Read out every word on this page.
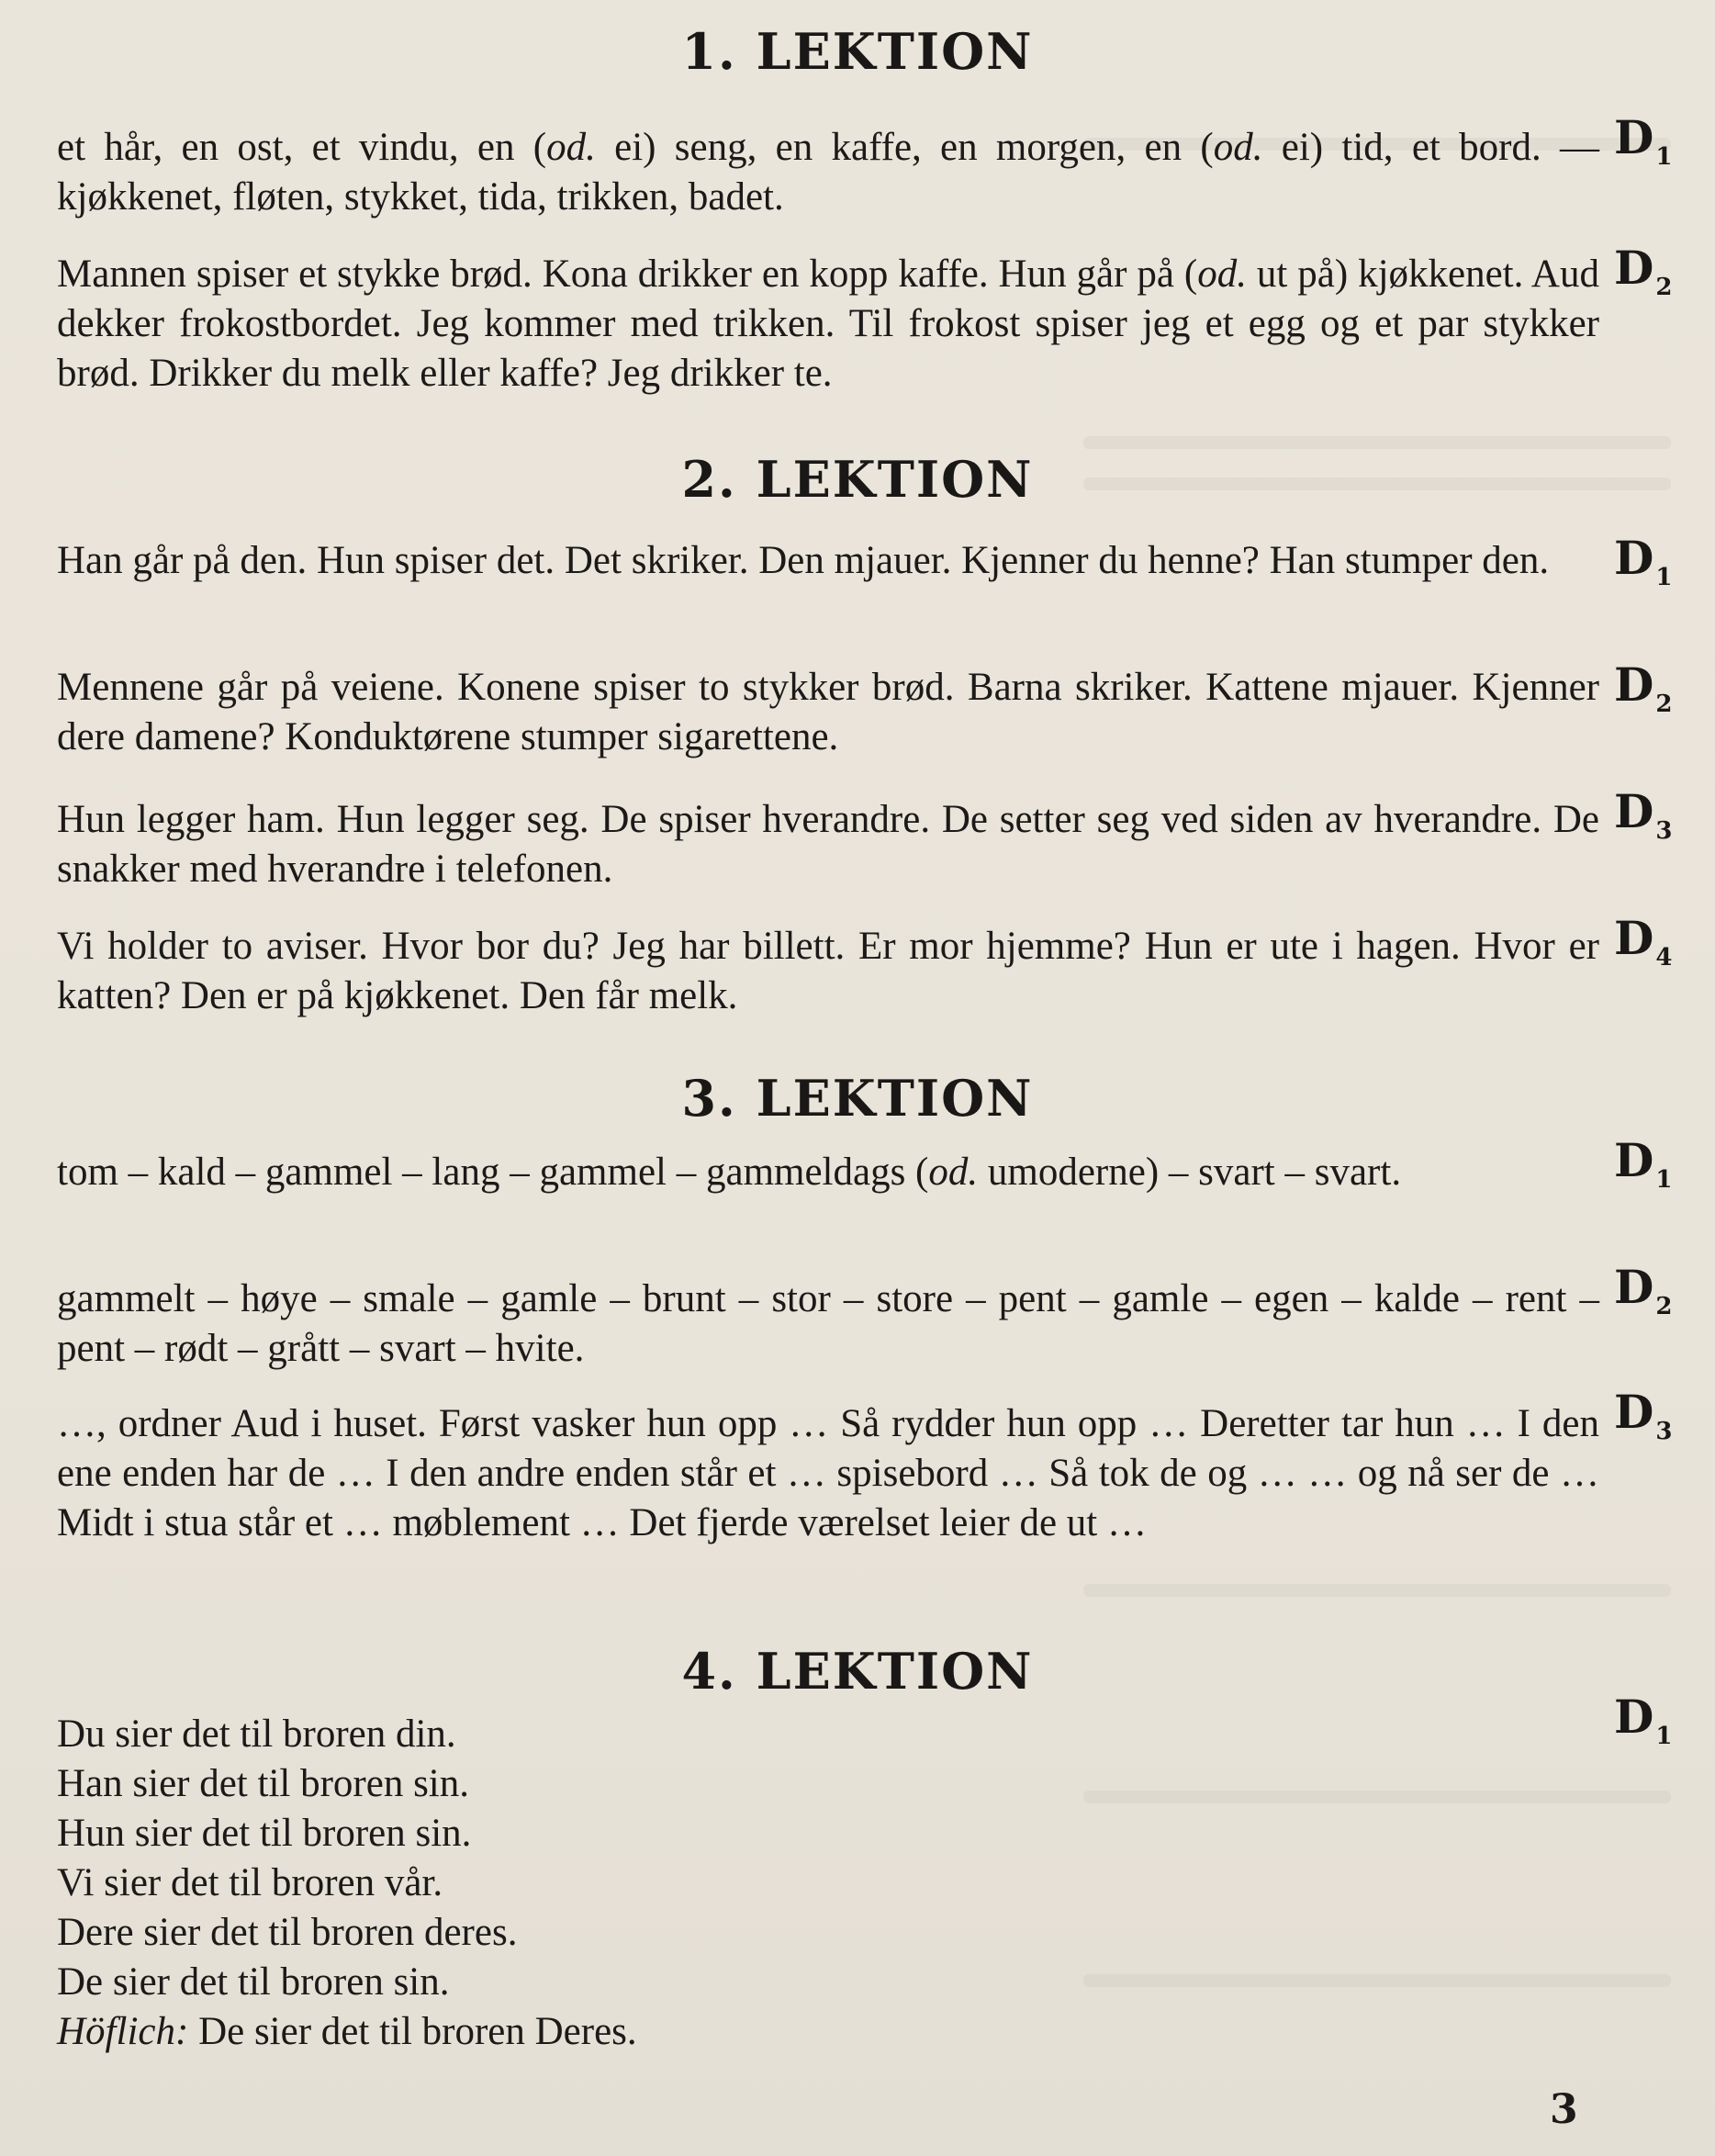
1. LEKTION
$D_1$

et hår, en ost, et vindu, en (od. ei) seng, en kaffe, en morgen, en (od. ei) tid, et bord. — kjøkkenet, fløten, stykket, tida, trikken, badet.

$D_2$

Mannen spiser et stykke brød. Kona drikker en kopp kaffe. Hun går på (od. ut på) kjøkkenet. Aud dekker frokostbordet. Jeg kommer med trikken. Til frokost spiser jeg et egg og et par stykker brød. Drikker du melk eller kaffe? Jeg drikker te.

2. LEKTION
$D_1$

Han går på den. Hun spiser det. Det skriker. Den mjauer. Kjenner du henne? Han stumper den.

$D_2$

Mennene går på veiene. Konene spiser to stykker brød. Barna skriker. Kattene mjauer. Kjenner dere damene? Konduktørene stumper sigarettene.

$D_3$

Hun legger ham. Hun legger seg. De spiser hverandre. De setter seg ved siden av hverandre. De snakker med hverandre i telefonen.

$D_4$

Vi holder to aviser. Hvor bor du? Jeg har billett. Er mor hjemme? Hun er ute i hagen. Hvor er katten? Den er på kjøkkenet. Den får melk.

3. LEKTION
$D_1$

tom – kald – gammel – lang – gammel – gammeldags (od. umoderne) – svart – svart.

$D_2$

gammelt – høye – smale – gamle – brunt – stor – store – pent – gamle – egen – kalde – rent – pent – rødt – grått – svart – hvite.

$D_3$

…, ordner Aud i huset. Først vasker hun opp … Så rydder hun opp … Deretter tar hun … I den ene enden har de … I den andre enden står et … spisebord … Så tok de og … … og nå ser de … Midt i stua står et … møblement … Det fjerde værelset leier de ut …

4. LEKTION
$D_1$
Du sier det til broren din.
Han sier det til broren sin.
Hun sier det til broren sin.
Vi sier det til broren vår.
Dere sier det til broren deres.
De sier det til broren sin.
Höflich: De sier det til broren Deres.
3
